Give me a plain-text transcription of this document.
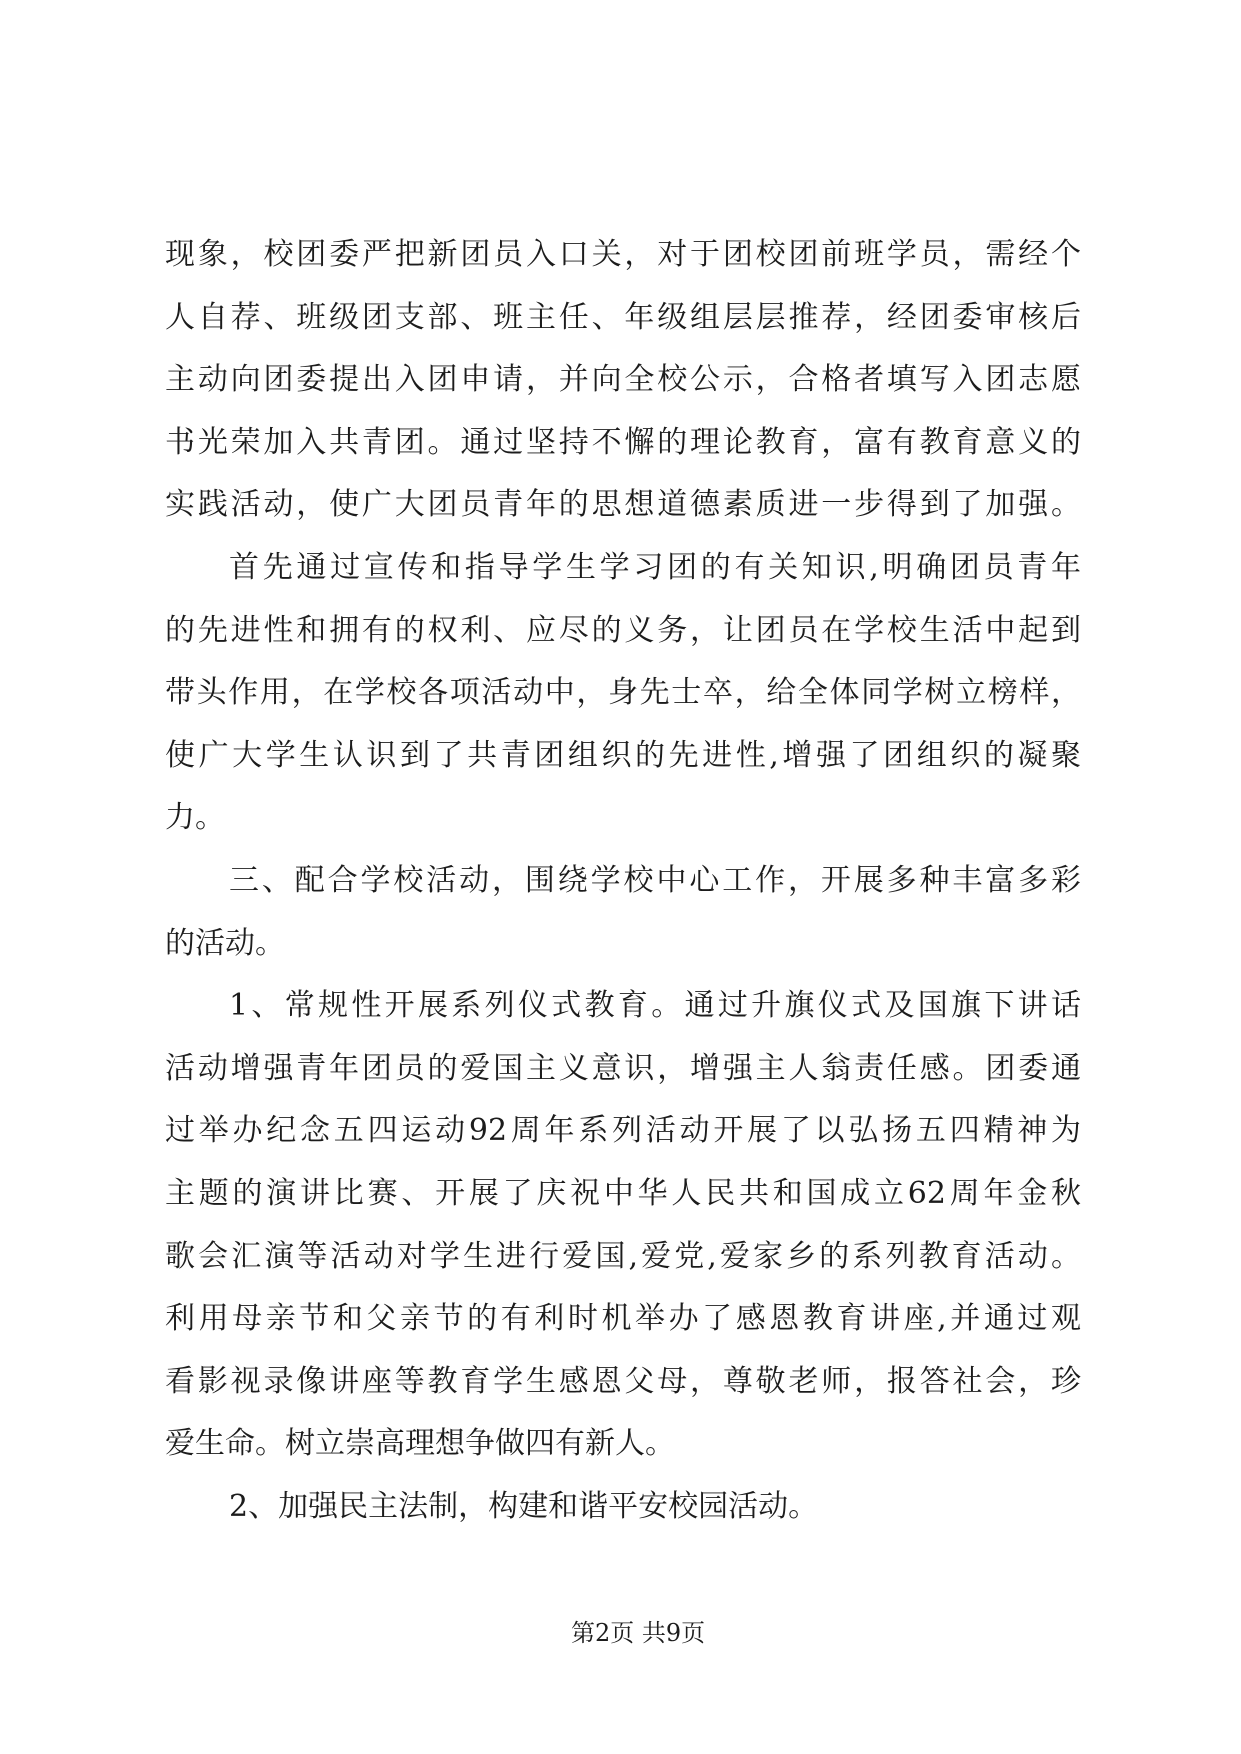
现象，校团委严把新团员入口关，对于团校团前班学员，需经个
人自荐、班级团支部、班主任、年级组层层推荐，经团委审核后
主动向团委提出入团申请，并向全校公示，合格者填写入团志愿
书光荣加入共青团。通过坚持不懈的理论教育，富有教育意义的
实践活动，使广大团员青年的思想道德素质进一步得到了加强。
首先通过宣传和指导学生学习团的有关知识,明确团员青年
的先进性和拥有的权利、应尽的义务，让团员在学校生活中起到
带头作用，在学校各项活动中，身先士卒，给全体同学树立榜样，
使广大学生认识到了共青团组织的先进性,增强了团组织的凝聚
力。
三、配合学校活动，围绕学校中心工作，开展多种丰富多彩
的活动。
1、常规性开展系列仪式教育。通过升旗仪式及国旗下讲话
活动增强青年团员的爱国主义意识，增强主人翁责任感。团委通
过举办纪念五四运动92周年系列活动开展了以弘扬五四精神为
主题的演讲比赛、开展了庆祝中华人民共和国成立62周年金秋
歌会汇演等活动对学生进行爱国,爱党,爱家乡的系列教育活动。
利用母亲节和父亲节的有利时机举办了感恩教育讲座,并通过观
看影视录像讲座等教育学生感恩父母，尊敬老师，报答社会，珍
爱生命。树立崇高理想争做四有新人。
2、加强民主法制，构建和谐平安校园活动。
第2页 共9页
